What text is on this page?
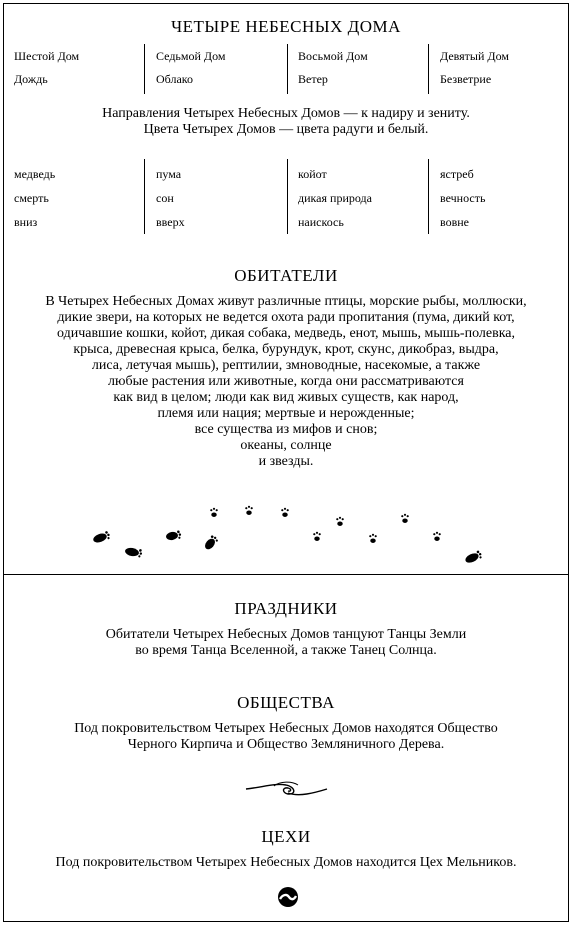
ЧЕТЫРЕ НЕБЕСНЫХ ДОМА
Шестой Дом
Дождь
Седьмой Дом
Облако
Восьмой Дом
Ветер
Девятый Дом
Безветрие
Направления Четырех Небесных Домов — к надиру и зениту.
Цвета Четырех Домов — цвета радуги и белый.
медведь
смерть
вниз
пума
сон
вверх
койот
дикая природа
наискось
ястреб
вечность
вовне
ОБИТАТЕЛИ
В Четырех Небесных Домах живут различные птицы, морские рыбы, моллюски,
дикие звери, на которых не ведется охота ради пропитания (пума, дикий кот,
одичавшие кошки, койот, дикая собака, медведь, енот, мышь, мышь-полевка,
крыса, древесная крыса, белка, бурундук, крот, скунс, дикобраз, выдра,
лиса, летучая мышь), рептилии, змноводные, насекомые, а также
любые растения или животные, когда они рассматриваются
как вид в целом; люди как вид живых существ, как народ,
племя или нация; мертвые и нерожденные;
все существа из мифов и снов;
океаны, солнце
и звезды.
ПРАЗДНИКИ
Обитатели Четырех Небесных Домов танцуют Танцы Земли
во время Танца Вселенной, а также Танец Солнца.
ОБЩЕСТВА
Под покровительством Четырех Небесных Домов находятся Общество
Черного Кирпича и Общество Земляничного Дерева.
ЦЕХИ
Под покровительством Четырех Небесных Домов находится Цех Мельников.
